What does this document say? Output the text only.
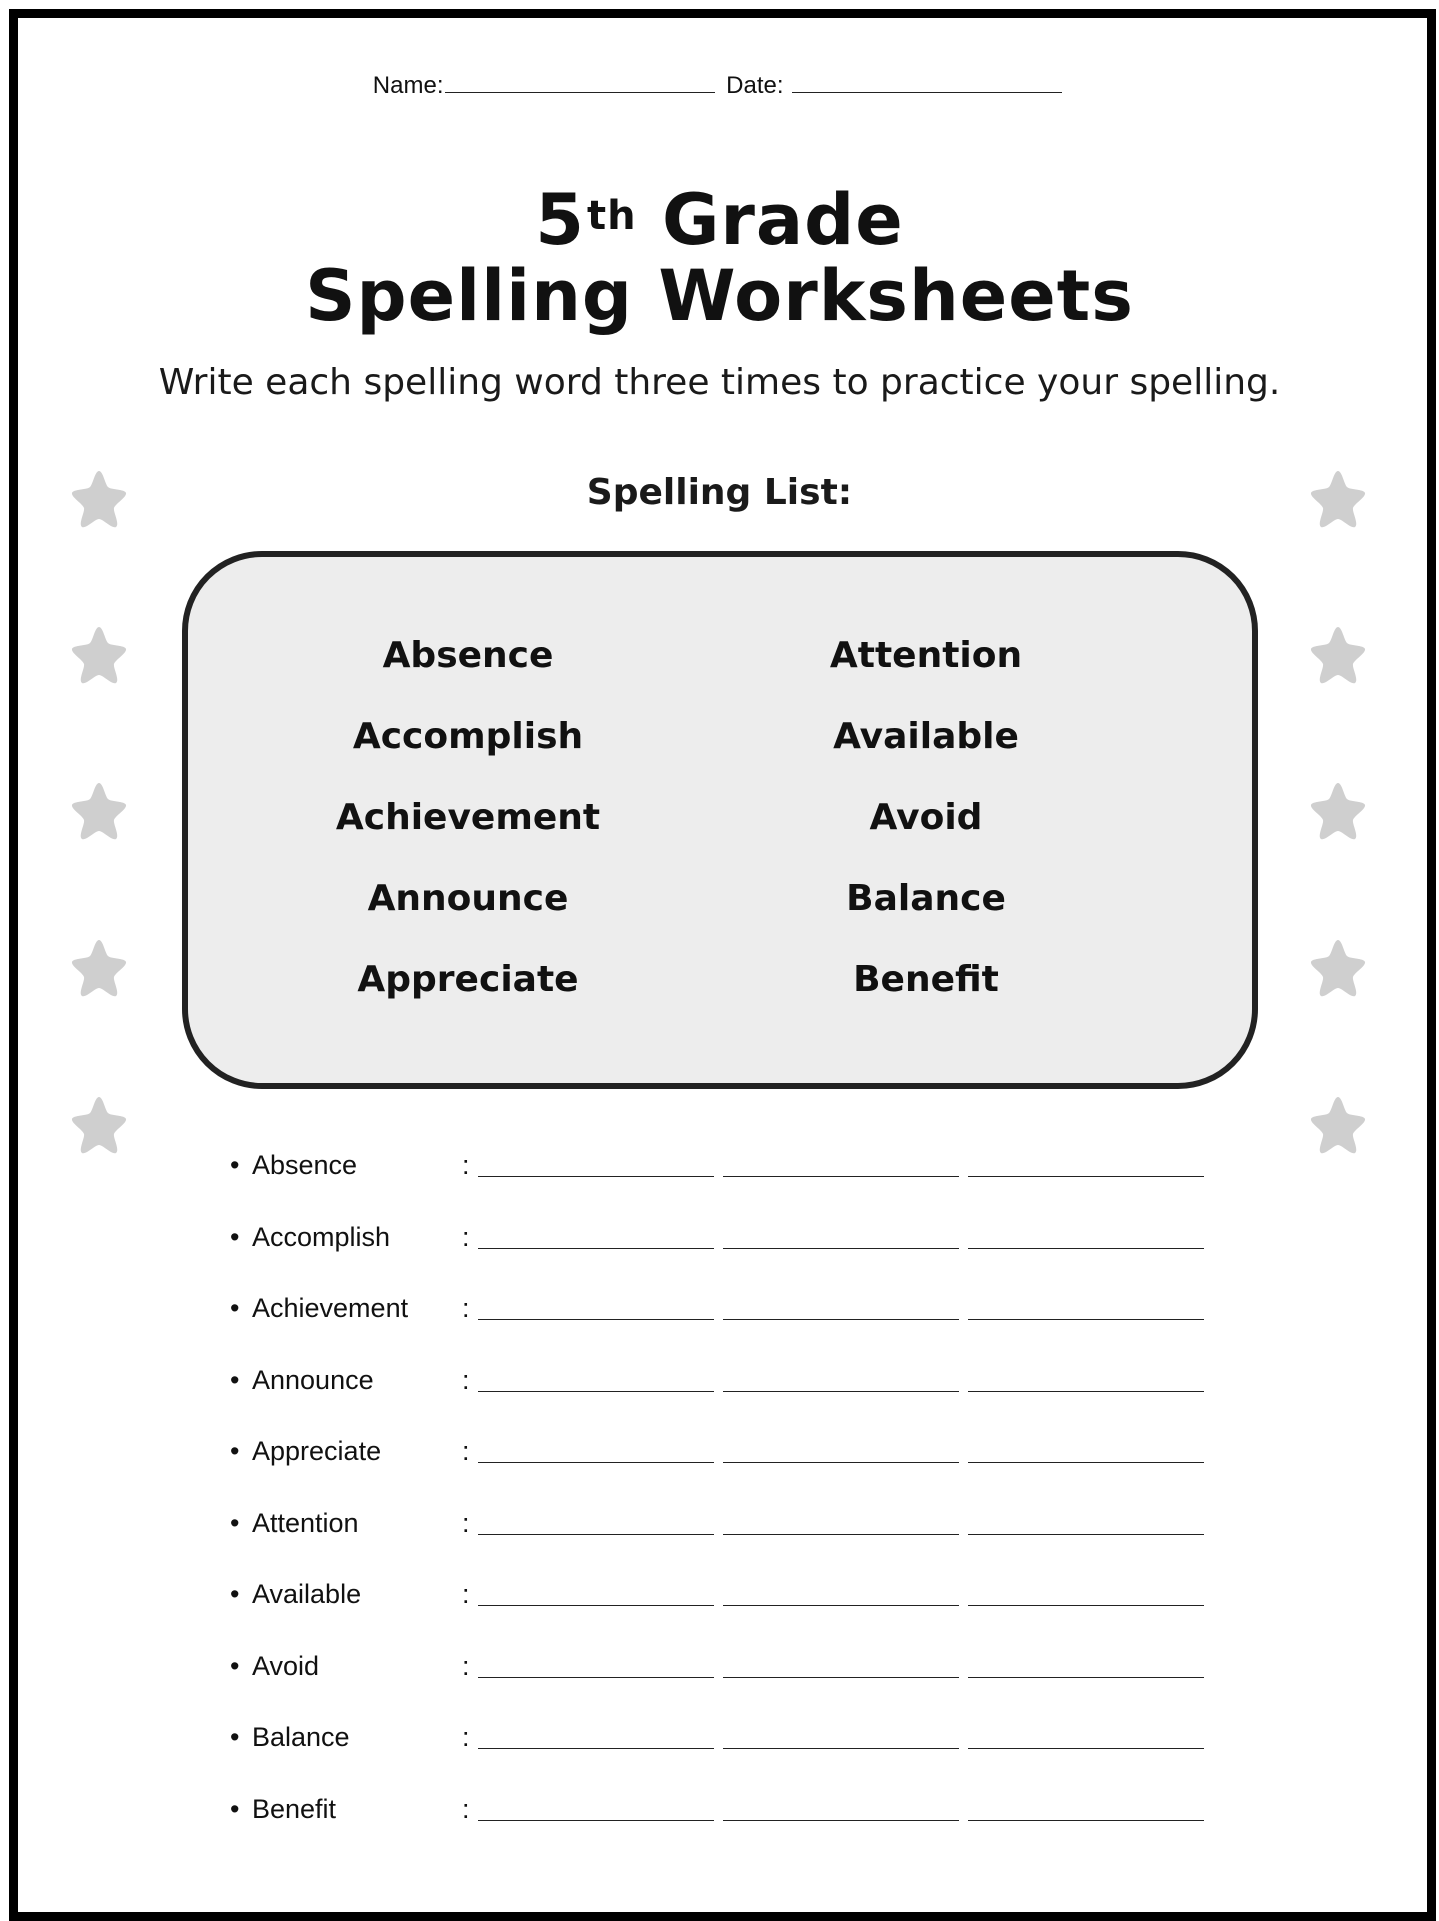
Name:	Date:
5th Grade
Spelling Worksheets
Write each spelling word three times to practice your spelling.
Spelling List:
Absence
Accomplish
Achievement
Announce
Appreciate
Attention
Available
Avoid
Balance
Benefit
• Absence	:
• Accomplish	:
• Achievement :
• Announce	:
• Appreciate	:
• Attention	:
• Available	:
• Avoid	:
• Balance	:
• Benefit	:
